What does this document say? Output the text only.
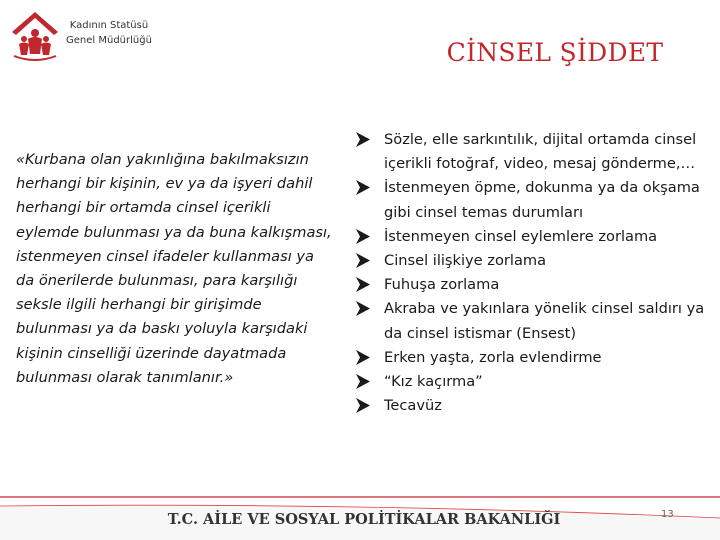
Kadının Statüsü
Genel Müdürlüğü	CİNSEL ŞİDDET
«Kurbana olan yakınlığına bakılmaksızın herhangi bir kişinin, ev ya da işyeri dahil herhangi bir ortamda cinsel içerikli eylemde bulunması ya da buna kalkışması, istenmeyen cinsel ifadeler kullanması ya da önerilerde bulunması, para karşılığı seksle ilgili herhangi bir girişimde bulunması ya da baskı yoluyla karşıdaki kişinin cinselliği üzerinde dayatmada bulunması olarak tanımlanır.»
Sözle, elle sarkıntılık, dijital ortamda cinsel içerikli fotoğraf, video, mesaj gönderme,…
İstenmeyen öpme, dokunma ya da okşama gibi cinsel temas durumları
İstenmeyen cinsel eylemlere zorlama
Cinsel ilişkiye zorlama
Fuhuşa zorlama
Akraba ve yakınlara yönelik cinsel saldırı ya da cinsel istismar (Ensest)
Erken yaşta, zorla evlendirme
“Kız kaçırma”
Tecavüz
T.C. AİLE VE SOSYAL POLİTİKALAR BAKANLIĞI	13
